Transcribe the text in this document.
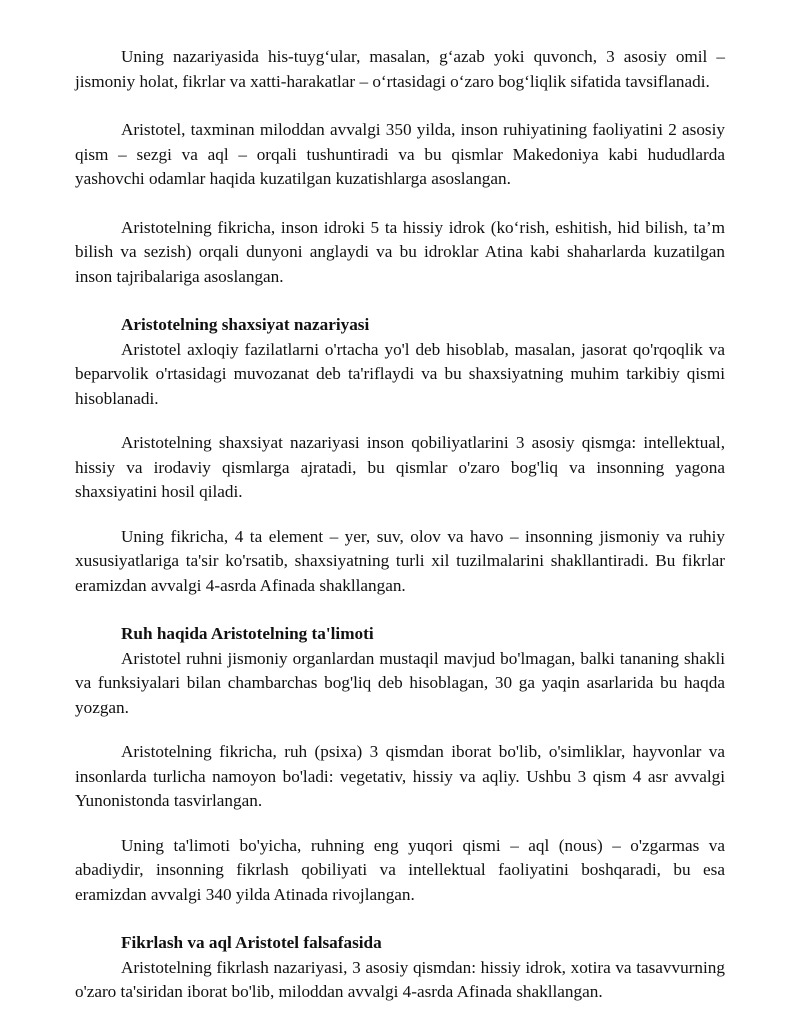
Uning nazariyasida his-tuyg‘ular, masalan, g‘azab yoki quvonch, 3 asosiy omil – jismoniy holat, fikrlar va xatti-harakatlar – o‘rtasidagi o‘zaro bog‘liqlik sifatida tavsiflanadi.

Aristotel, taxminan miloddan avvalgi 350 yilda, inson ruhiyatining faoliyatini 2 asosiy qism – sezgi va aql – orqali tushuntiradi va bu qismlar Makedoniya kabi hududlarda yashovchi odamlar haqida kuzatilgan kuzatishlarga asoslangan.

Aristotelning fikricha, inson idroki 5 ta hissiy idrok (ko‘rish, eshitish, hid bilish, ta’m bilish va sezish) orqali dunyoni anglaydi va bu idroklar Atina kabi shaharlarda kuzatilgan inson tajribalariga asoslangan.

Aristotelning shaxsiyat nazariyasi

Aristotel axloqiy fazilatlarni o'rtacha yo'l deb hisoblab, masalan, jasorat qo'rqoqlik va beparvolik o'rtasidagi muvozanat deb ta'riflaydi va bu shaxsiyatning muhim tarkibiy qismi hisoblanadi.

Aristotelning shaxsiyat nazariyasi inson qobiliyatlarini 3 asosiy qismga: intellektual, hissiy va irodaviy qismlarga ajratadi, bu qismlar o'zaro bog'liq va insonning yagona shaxsiyatini hosil qiladi.

Uning fikricha, 4 ta element – yer, suv, olov va havo – insonning jismoniy va ruhiy xususiyatlariga ta'sir ko'rsatib, shaxsiyatning turli xil tuzilmalarini shakllantiradi. Bu fikrlar eramizdan avvalgi 4-asrda Afinada shakllangan.

Ruh haqida Aristotelning ta'limoti

Aristotel ruhni jismoniy organlardan mustaqil mavjud bo'lmagan, balki tananing shakli va funksiyalari bilan chambarchas bog'liq deb hisoblagan, 30 ga yaqin asarlarida bu haqda yozgan.

Aristotelning fikricha, ruh (psixa) 3 qismdan iborat bo'lib, o'simliklar, hayvonlar va insonlarda turlicha namoyon bo'ladi: vegetativ, hissiy va aqliy. Ushbu 3 qism 4 asr avvalgi Yunonistonda tasvirlangan.

Uning ta'limoti bo'yicha, ruhning eng yuqori qismi – aql (nous) – o'zgarmas va abadiydir, insonning fikrlash qobiliyati va intellektual faoliyatini boshqaradi, bu esa eramizdan avvalgi 340 yilda Atinada rivojlangan.

Fikrlash va aql Aristotel falsafasida

Aristotelning fikrlash nazariyasi, 3 asosiy qismdan: hissiy idrok, xotira va tasavvurning o'zaro ta'siridan iborat bo'lib, miloddan avvalgi 4-asrda Afinada shakllangan.
